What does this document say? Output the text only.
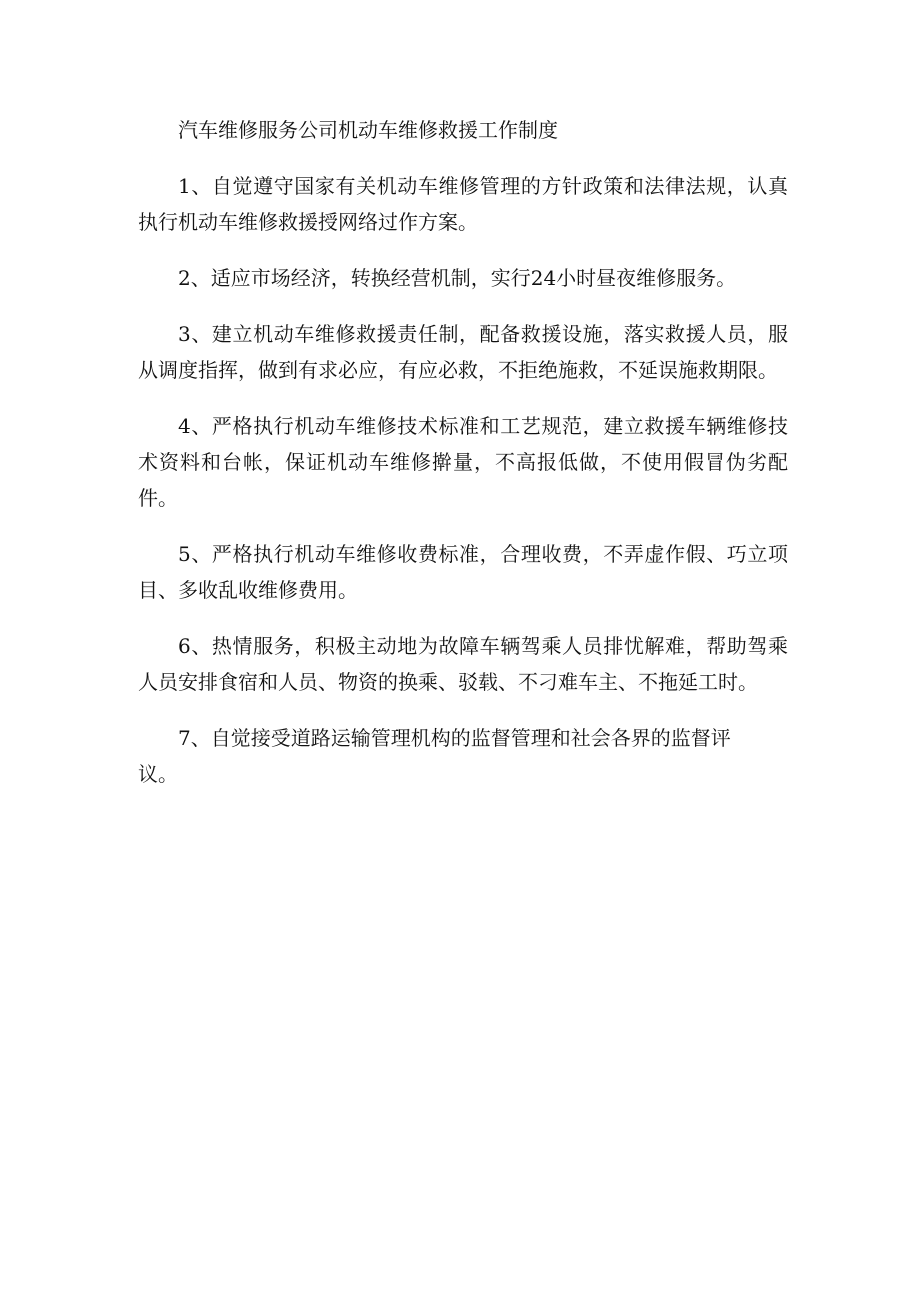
汽车维修服务公司机动车维修救援工作制度

1、自觉遵守国家有关机动车维修管理的方针政策和法律法规，认真执行机动车维修救援授网络过作方案。

2、适应市场经济，转换经营机制，实行24小时昼夜维修服务。

3、建立机动车维修救援责任制，配备救援设施，落实救援人员，服从调度指挥，做到有求必应，有应必救，不拒绝施救，不延误施救期限。

4、严格执行机动车维修技术标准和工艺规范，建立救援车辆维修技术资料和台帐，保证机动车维修擀量，不高报低做，不使用假冒伪劣配件。

5、严格执行机动车维修收费标准，合理收费，不弄虚作假、巧立项目、多收乱收维修费用。

6、热情服务，积极主动地为故障车辆驾乘人员排忧解难，帮助驾乘人员安排食宿和人员、物资的换乘、驳载、不刁难车主、不拖延工时。

7、自觉接受道路运输管理机构的监督管理和社会各界的监督评

议。
